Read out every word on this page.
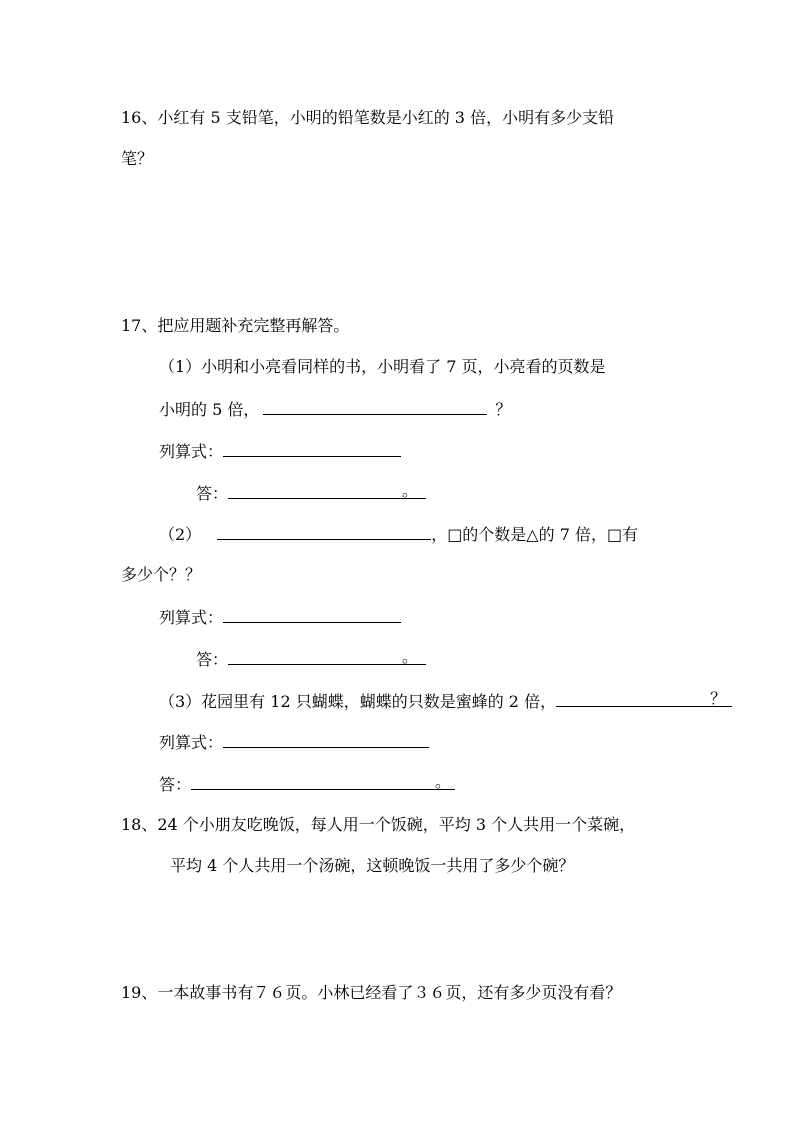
16、小红有 5 支铅笔，小明的铅笔数是小红的 3 倍，小明有多少支铅
笔？
17、把应用题补充完整再解答。
（1）小明和小亮看同样的书，小明看了 7 页，小亮看的页数是
小明的 5 倍，	？
列算式：
答：	。
（2）	，□的个数是△的 7 倍，□有
多少个？？
列算式：
答：	。
（3）花园里有 12 只蝴蝶，蝴蝶的只数是蜜蜂的 2 倍，	？
列算式：
答：	。
18、24 个小朋友吃晚饭，每人用一个饭碗，平均 3 个人共用一个菜碗，
平均 4 个人共用一个汤碗，这顿晚饭一共用了多少个碗？
19、一本故事书有７６页。小林已经看了３６页，还有多少页没有看？
